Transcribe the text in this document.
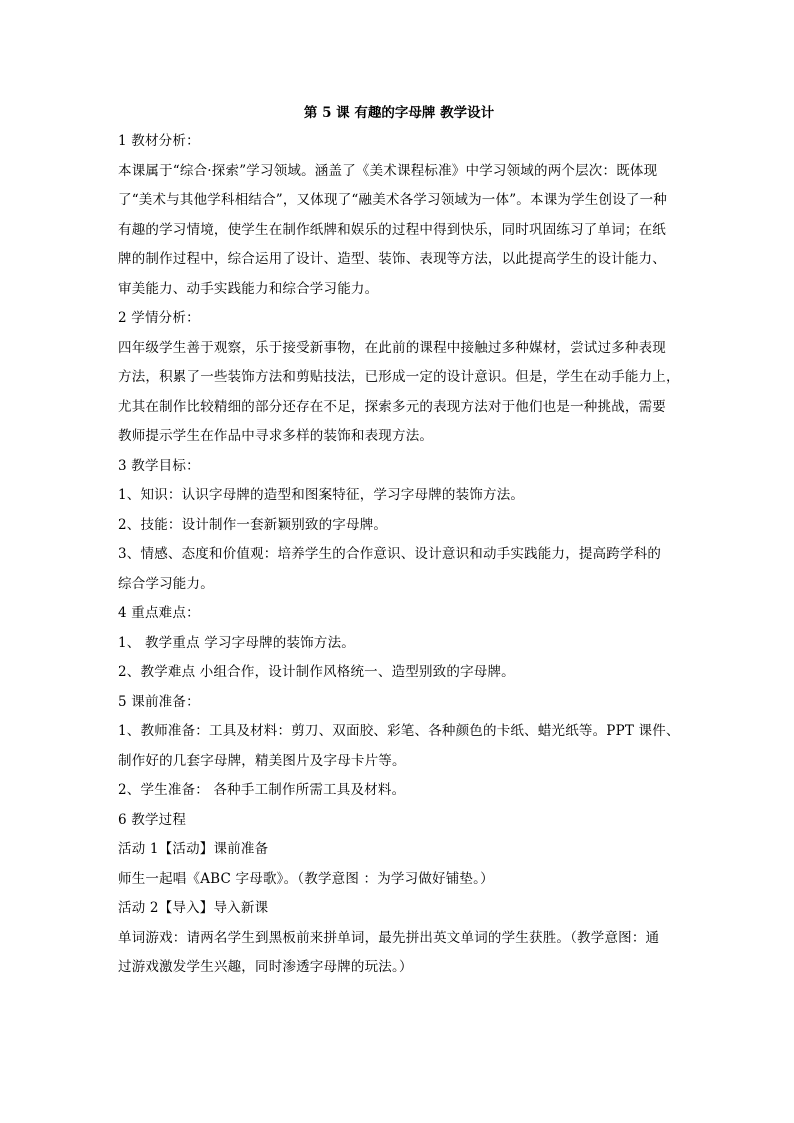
第 5 课 有趣的字母牌 教学设计
1 教材分析：
本课属于“综合·探索”学习领域。涵盖了《美术课程标准》中学习领域的两个层次：既体现
了“美术与其他学科相结合”，又体现了“融美术各学习领域为一体”。本课为学生创设了一种
有趣的学习情境，使学生在制作纸牌和娱乐的过程中得到快乐，同时巩固练习了单词；在纸
牌的制作过程中，综合运用了设计、造型、装饰、表现等方法，以此提高学生的设计能力、
审美能力、动手实践能力和综合学习能力。
2 学情分析：
四年级学生善于观察，乐于接受新事物，在此前的课程中接触过多种媒材，尝试过多种表现
方法，积累了一些装饰方法和剪贴技法，已形成一定的设计意识。但是，学生在动手能力上，
尤其在制作比较精细的部分还存在不足，探索多元的表现方法对于他们也是一种挑战，需要
教师提示学生在作品中寻求多样的装饰和表现方法。
3 教学目标：
1、知识：认识字母牌的造型和图案特征，学习字母牌的装饰方法。
2、技能：设计制作一套新颖别致的字母牌。
3、情感、态度和价值观：培养学生的合作意识、设计意识和动手实践能力，提高跨学科的
综合学习能力。
4 重点难点：
1、 教学重点 学习字母牌的装饰方法。
2、教学难点 小组合作，设计制作风格统一、造型别致的字母牌。
5 课前准备：
1、教师准备：工具及材料：剪刀、双面胶、彩笔、各种颜色的卡纸、蜡光纸等。PPT 课件、
制作好的几套字母牌，精美图片及字母卡片等。
2、学生准备： 各种手工制作所需工具及材料。
6 教学过程
活动 1【活动】课前准备
师生一起唱《ABC 字母歌》。（教学意图 ：为学习做好铺垫。）
活动 2【导入】导入新课
单词游戏：请两名学生到黑板前来拼单词，最先拼出英文单词的学生获胜。（教学意图：通
过游戏激发学生兴趣，同时渗透字母牌的玩法。）
